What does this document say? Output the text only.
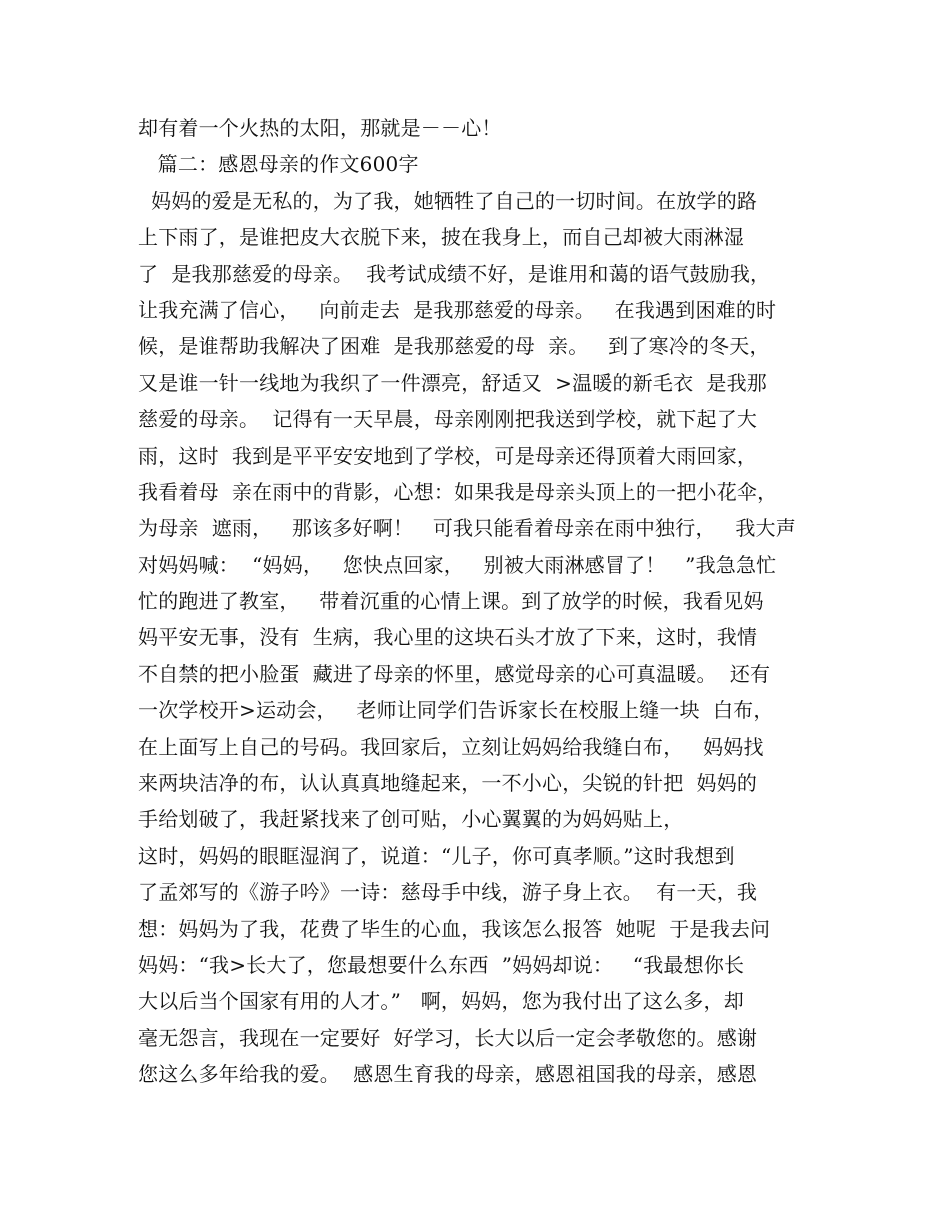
却有着一个火热的太阳，那就是－－心！
篇二：感恩母亲的作文600字
妈妈的爱是无私的，为了我，她牺牲了自己的一切时间。在放学的路
上下雨了，是谁把皮大衣脱下来，披在我身上，而自己却被大雨淋湿
了  是我那慈爱的母亲。  我考试成绩不好，是谁用和蔼的语气鼓励我，
让我充满了信心，   向前走去  是我那慈爱的母亲。   在我遇到困难的时
候，是谁帮助我解决了困难  是我那慈爱的母  亲。   到了寒冷的冬天，
又是谁一针一线地为我织了一件漂亮，舒适又  >温暖的新毛衣  是我那
慈爱的母亲。  记得有一天早晨，母亲刚刚把我送到学校，就下起了大
雨，这时  我到是平平安安地到了学校，可是母亲还得顶着大雨回家，
我看着母  亲在雨中的背影，心想：如果我是母亲头顶上的一把小花伞，
为母亲  遮雨，   那该多好啊！   可我只能看着母亲在雨中独行，   我大声
对妈妈喊：  “妈妈，   您快点回家，   别被大雨淋感冒了！   ”我急急忙
忙的跑进了教室，   带着沉重的心情上课。到了放学的时候，我看见妈
妈平安无事，没有  生病，我心里的这块石头才放了下来，这时，我情
不自禁的把小脸蛋  藏进了母亲的怀里，感觉母亲的心可真温暖。  还有
一次学校开>运动会，   老师让同学们告诉家长在校服上缝一块  白布，
在上面写上自己的号码。我回家后，立刻让妈妈给我缝白布，   妈妈找
来两块洁净的布，认认真真地缝起来，一不小心，尖锐的针把  妈妈的
手给划破了，我赶紧找来了创可贴，小心翼翼的为妈妈贴上，
这时，妈妈的眼眶湿润了，说道：“儿子，你可真孝顺。”这时我想到
了孟郊写的《游子吟》一诗：慈母手中线，游子身上衣。  有一天，我
想：妈妈为了我，花费了毕生的心血，我该怎么报答  她呢  于是我去问
妈妈：“我>长大了，您最想要什么东西  ”妈妈却说：   “我最想你长
大以后当个国家有用的人才。”   啊，妈妈，您为我付出了这么多，却
毫无怨言，我现在一定要好  好学习，长大以后一定会孝敬您的。感谢
您这么多年给我的爱。  感恩生育我的母亲，感恩祖国我的母亲，感恩
